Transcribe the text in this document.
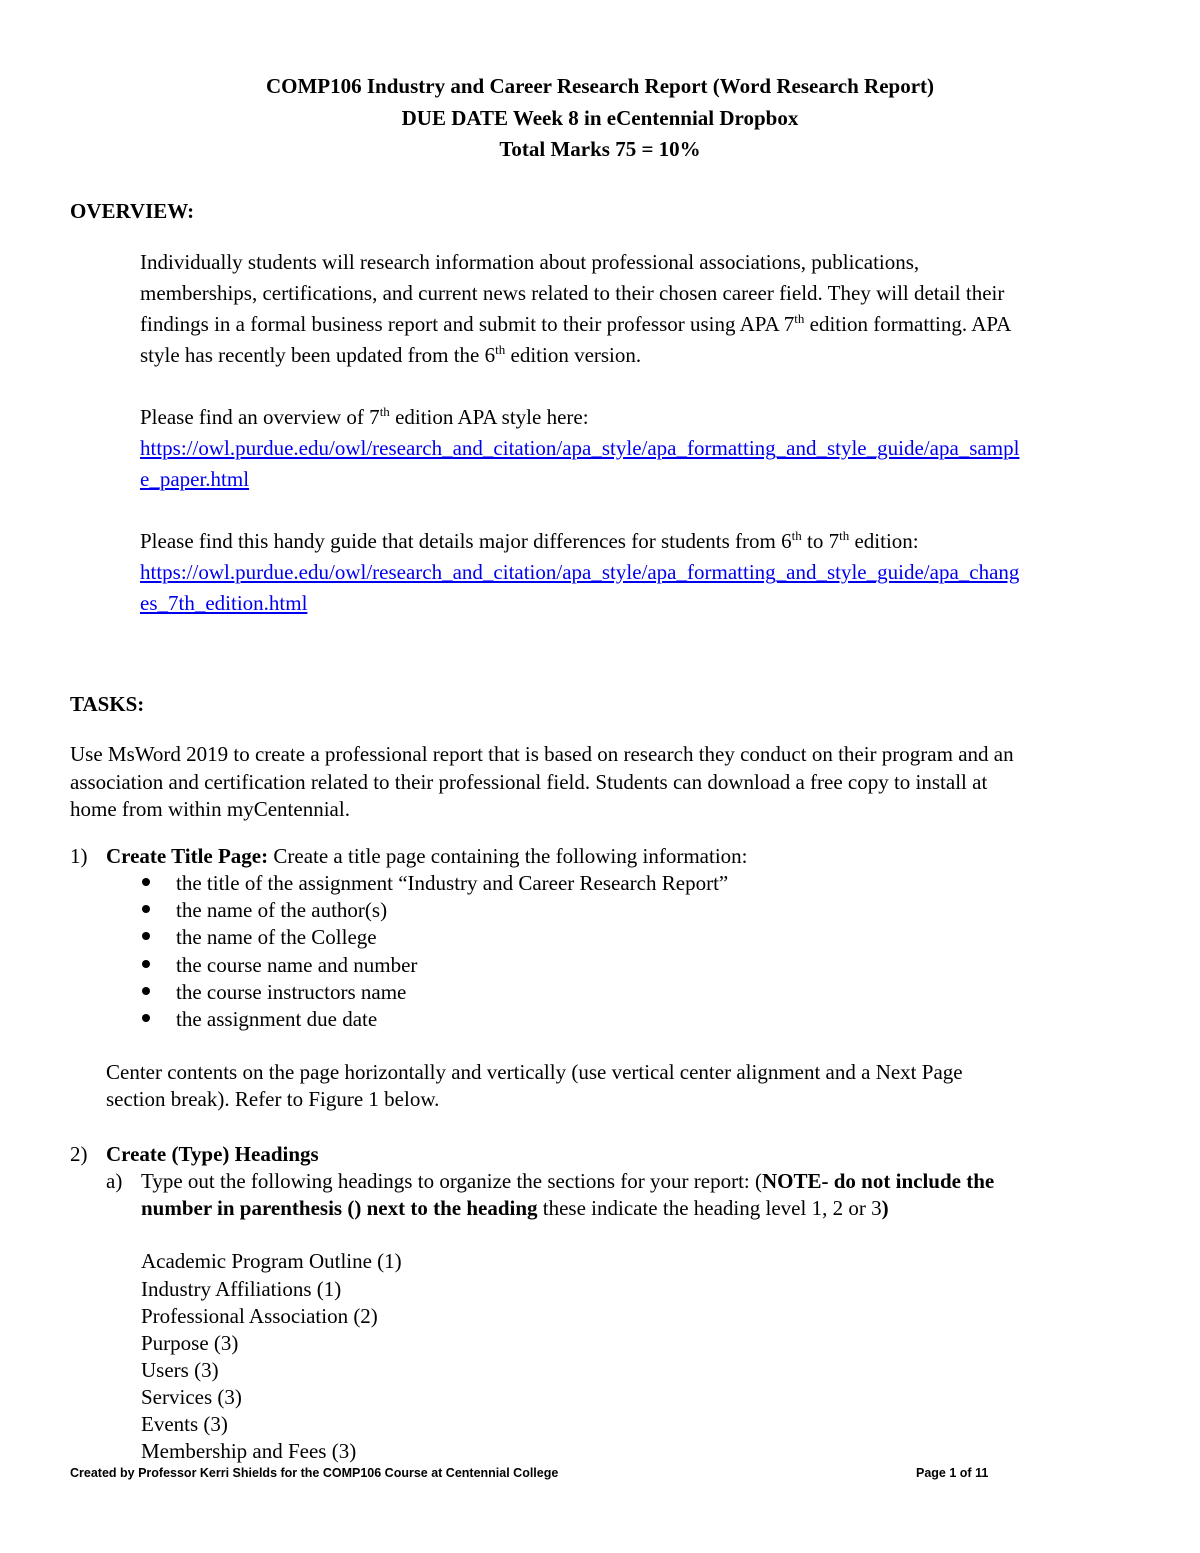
COMP106 Industry and Career Research Report (Word Research Report)
DUE DATE Week 8 in eCentennial Dropbox
Total Marks 75 = 10%
OVERVIEW:
Individually students will research information about professional associations, publications,
memberships, certifications, and current news related to their chosen career field. They will detail their
findings in a formal business report and submit to their professor using APA 7th edition formatting. APA
style has recently been updated from the 6th edition version.
Please find an overview of 7th edition APA style here:
https://owl.purdue.edu/owl/research_and_citation/apa_style/apa_formatting_and_style_guide/apa_sampl
e_paper.html
Please find this handy guide that details major differences for students from 6th to 7th edition:
https://owl.purdue.edu/owl/research_and_citation/apa_style/apa_formatting_and_style_guide/apa_chang
es_7th_edition.html
TASKS:
Use MsWord 2019 to create a professional report that is based on research they conduct on their program and an
association and certification related to their professional field. Students can download a free copy to install at
home from within myCentennial.
1) Create Title Page: Create a title page containing the following information:
the title of the assignment “Industry and Career Research Report”
the name of the author(s)
the name of the College
the course name and number
the course instructors name
the assignment due date
Center contents on the page horizontally and vertically (use vertical center alignment and a Next Page
section break). Refer to Figure 1 below.
2) Create (Type) Headings
a) Type out the following headings to organize the sections for your report: (NOTE- do not include the
number in parenthesis () next to the heading these indicate the heading level 1, 2 or 3)
Academic Program Outline (1)
Industry Affiliations (1)
Professional Association (2)
Purpose (3)
Users (3)
Services (3)
Events (3)
Membership and Fees (3)
Created by Professor Kerri Shields for the COMP106 Course at Centennial College	Page 1 of 11
